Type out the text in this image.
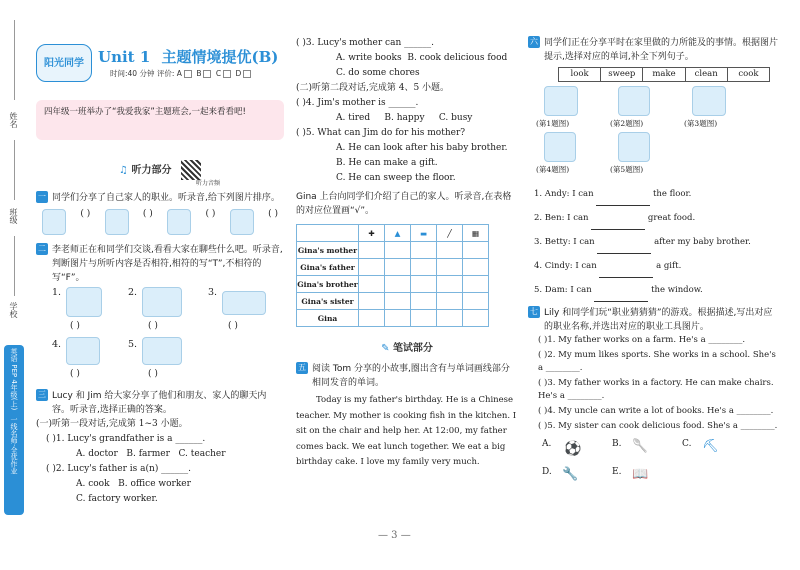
姓名
班级
学校
英语 PEP 4年级(上)
一线名师·全优作业
阳光同学 Unit 1 主题情境提优(B)
时间:40 分钟 评价: A B C D
四年级一班举办了“我爱我家”主题班会,一起来看看吧!
♫ 听力部分
听力音频
一 同学们分享了自己家人的职业。听录音,给下列图片排序。
( )	( )	( )	( )
二 李老师正在和同学们交谈,看看大家在聊些什么吧。听录音,判断图片与所听内容是否相符,相符的写“T”,不相符的写“F”。
1.
( )
2.
( )
3.
( )
4.
( )
5.
( )
三 Lucy 和 Jim 给大家分享了他们和朋友、家人的聊天内容。听录音,选择正确的答案。
(一)听第一段对话,完成第 1~3 小题。
( )1. Lucy's grandfather is a ______.
A. doctor B. farmer C. teacher
( )2. Lucy's father is a(n) ______.
A. cook B. office worker
C. factory worker.
( )3. Lucy's mother can ______.
A. write books B. cook delicious food
C. do some chores
(二)听第二段对话,完成第 4、5 小题。
( )4. Jim's mother is ______.
A. tired B. happy C. busy
( )5. What can Jim do for his mother?
A. He can look after his baby brother.
B. He can make a gift.
C. He can sweep the floor.
Gina 上台向同学们介绍了自己的家人。听录音,在表格的对应位置画“√”。
	✚	▲	▬	╱	▦
Gina's mother					
Gina's father					
Gina's brother					
Gina's sister					
Gina					
✎ 笔试部分
五 阅读 Tom 分享的小故事,圈出含有与单词画线部分相同发音的单词。
Today is my father's birthday. He is a Chinese teacher. My mother is cooking fish in the kitchen. I sit on the chair and help her. At 12:00, my father comes back. We eat lunch together. We eat a big birthday cake. I love my family very much.
六 同学们正在分享平时在家里做的力所能及的事情。根据图片提示,选择对应的单词,补全下列句子。
look	sweep	make	clean	cook
(第1题图)	(第2题图)	(第3题图)
(第4题图)	(第5题图)
1. Andy: I can	the floor.
2. Ben: I can	great food.
3. Betty: I can	after my baby brother.
4. Cindy: I can	a gift.
5. Dam: I can	the window.
七 Lily 和同学们玩“职业猜猜猜”的游戏。根据描述,写出对应的职业名称,并选出对应的职业工具图片。
( )1. My father works on a farm. He's a ________.
( )2. My mum likes sports. She works in a school. She's a ________.
( )3. My father works in a factory. He can make chairs. He's a ________.
( )4. My uncle can write a lot of books. He's a ________.
( )5. My sister can cook delicious food. She's a ________.
A. ⚽	B. 🥄	C. ⛏
D. 🔧	E. 📖
— 3 —
